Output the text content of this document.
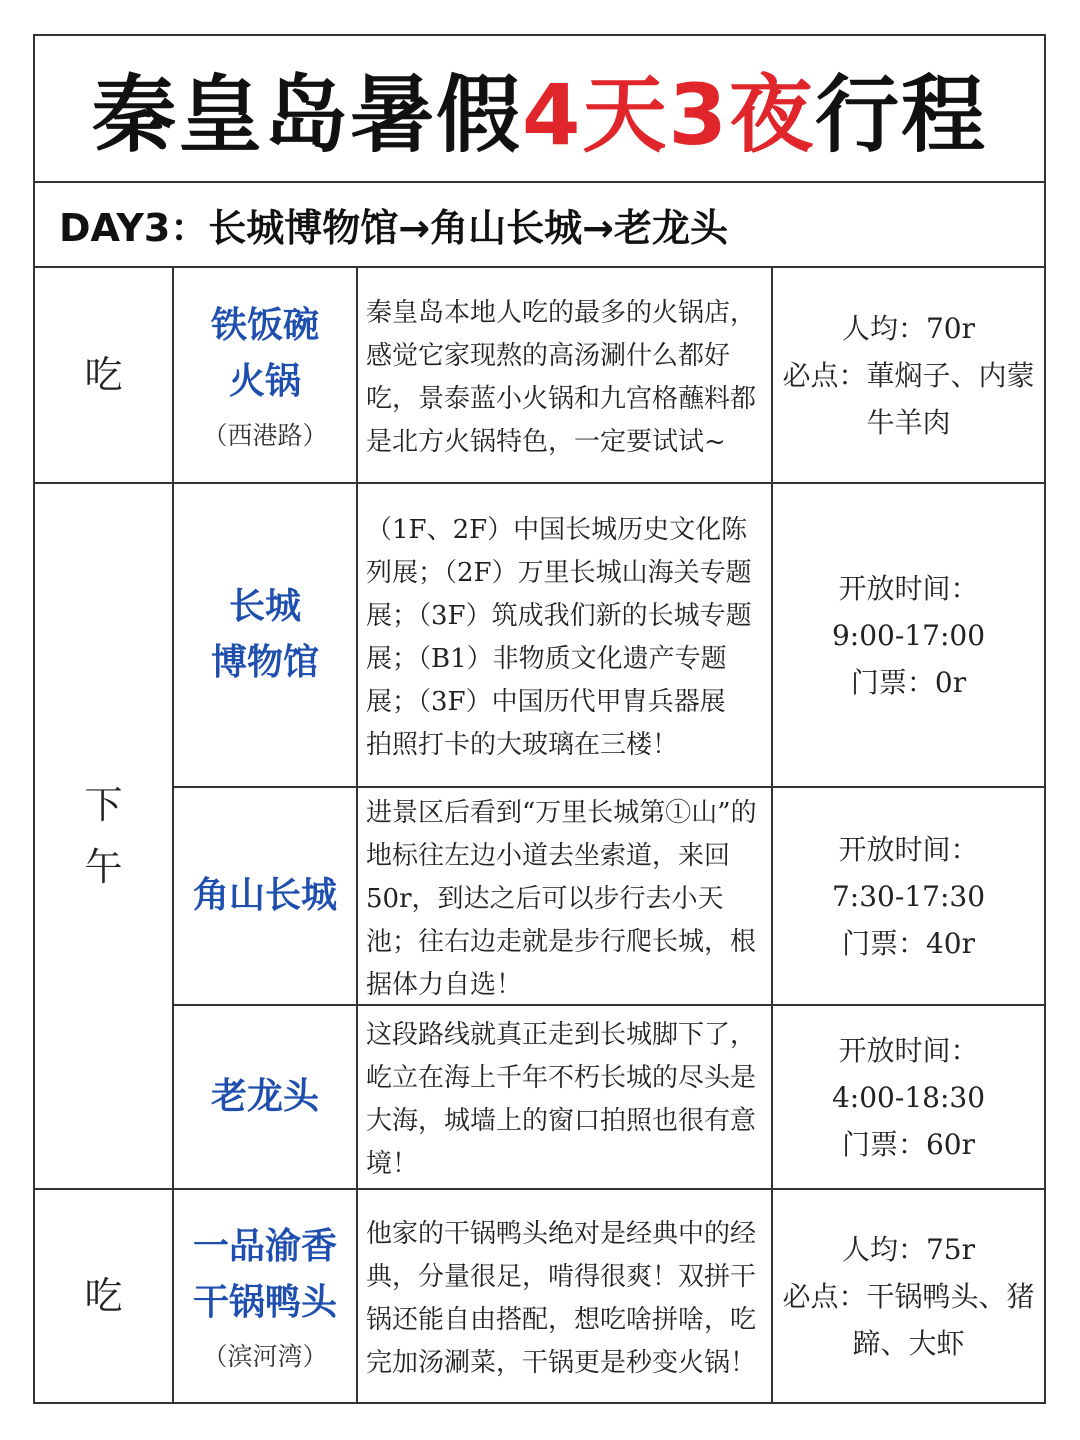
秦皇岛暑假 4天3夜 行程
DAY3：长城博物馆→角山长城→老龙头
吃
下
午
吃
铁饭碗
火锅
（西港路）
秦皇岛本地人吃的最多的火锅店，感觉它家现熬的高汤涮什么都好吃，景泰蓝小火锅和九宫格蘸料都是北方火锅特色，一定要试试~
人均：70r
必点：莗焖子、内蒙牛羊肉
长城
博物馆
（1F、2F）中国长城历史文化陈列展；（2F）万里长城山海关专题展；（3F）筑成我们新的长城专题展；（B1）非物质文化遗产专题展；（3F）中国历代甲胄兵器展
拍照打卡的大玻璃在三楼！
开放时间：
9:00-17:00
门票：0r
角山长城
进景区后看到“万里长城第①山”的地标往左边小道去坐索道，来回50r，到达之后可以步行去小天池；往右边走就是步行爬长城，根据体力自选！
开放时间：
7:30-17:30
门票：40r
老龙头
这段路线就真正走到长城脚下了，屹立在海上千年不朽长城的尽头是大海，城墙上的窗口拍照也很有意境！
开放时间：
4:00-18:30
门票：60r
一品渝香
干锅鸭头
（滨河湾）
他家的干锅鸭头绝对是经典中的经典，分量很足，啃得很爽！双拼干锅还能自由搭配，想吃啥拼啥，吃完加汤涮菜，干锅更是秒变火锅！
人均：75r
必点：干锅鸭头、猪蹄、大虾
